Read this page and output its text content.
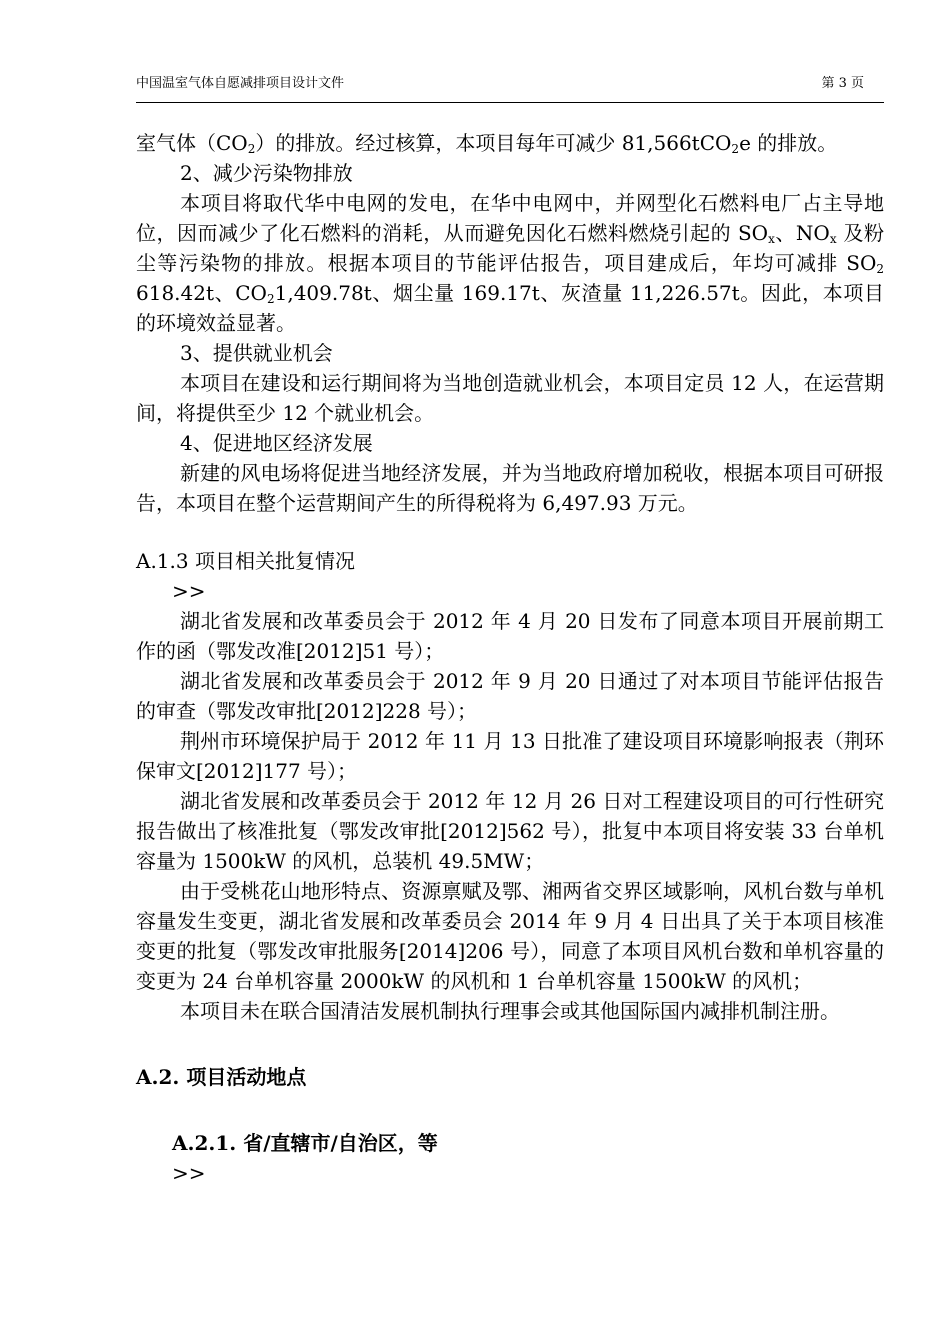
中国温室气体自愿减排项目设计文件	第 3 页

室气体$(CO_2)$的排放。经过核算，本项目每年可减少 81,566tCO$_2$e 的排放。

2、减少污染物排放

本项目将取代华中电网的发电，在华中电网中，并网型化石燃料电厂占主导地位，因而减少了化石燃料的消耗，从而避免因化石燃料燃烧引起的 $SO_x$、$NO_x$ 及粉尘等污染物的排放。根据本项目的节能评估报告，项目建成后，年均可减排 $SO_2$ 618.42t、$CO_21,409.78t$、烟尘量 169.17t、灰渣量 11,226.57t。因此，本项目的环境效益显著。

3、提供就业机会

本项目在建设和运行期间将为当地创造就业机会，本项目定员 12 人，在运营期间，将提供至少 12 个就业机会。

4、促进地区经济发展

新建的风电场将促进当地经济发展，并为当地政府增加税收，根据本项目可研报告，本项目在整个运营期间产生的所得税将为 6,497.93 万元。

A.1.3 项目相关批复情况

>>

湖北省发展和改革委员会于 2012 年 4 月 20 日发布了同意本项目开展前期工作的函（鄂发改准[2012]51 号）；

湖北省发展和改革委员会于 2012 年 9 月 20 日通过了对本项目节能评估报告的审查（鄂发改审批[2012]228 号）；

荆州市环境保护局于 2012 年 11 月 13 日批准了建设项目环境影响报表（荆环保审文[2012]177 号）；

湖北省发展和改革委员会于 2012 年 12 月 26 日对工程建设项目的可行性研究报告做出了核准批复（鄂发改审批[2012]562 号），批复中本项目将安装 33 台单机容量为 1500kW 的风机，总装机 49.5MW；

由于受桃花山地形特点、资源禀赋及鄂、湘两省交界区域影响，风机台数与单机容量发生变更，湖北省发展和改革委员会 2014 年 9 月 4 日出具了关于本项目核准变更的批复（鄂发改审批服务[2014]206 号），同意了本项目风机台数和单机容量的变更为 24 台单机容量 2000kW 的风机和 1 台单机容量 1500kW 的风机；

本项目未在联合国清洁发展机制执行理事会或其他国际国内减排机制注册。

A.2. 项目活动地点

A.2.1. 省/直辖市/自治区，等

>>
